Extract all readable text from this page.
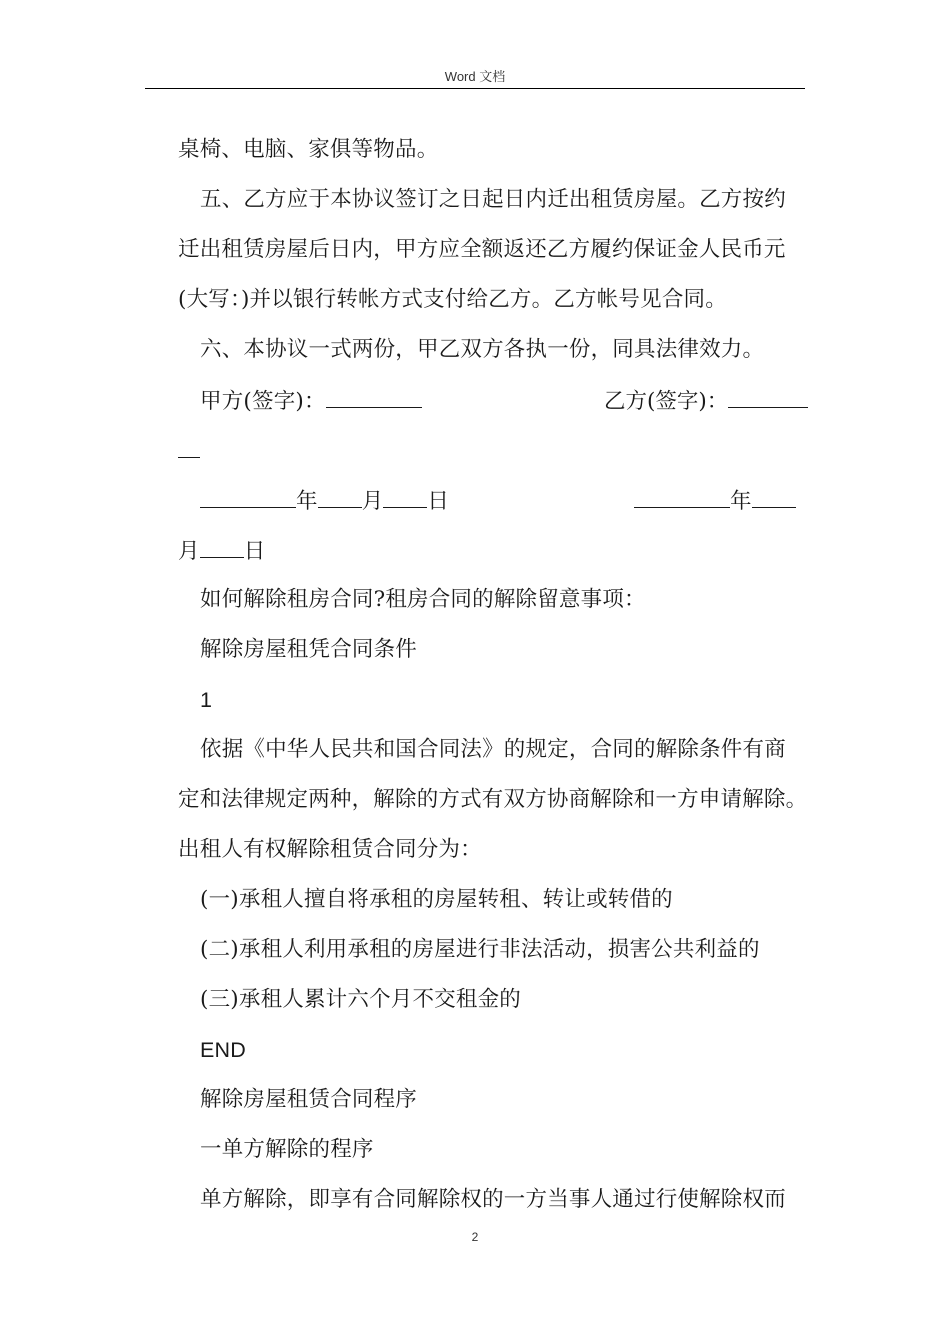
Word 文档
桌椅、电脑、家俱等物品。
五、乙方应于本协议签订之日起日内迁出租赁房屋。乙方按约
迁出租赁房屋后日内，甲方应全额返还乙方履约保证金人民币元
(大写：)并以银行转帐方式支付给乙方。乙方帐号见合同。
六、本协议一式两份，甲乙双方各执一份，同具法律效力。
甲方(签字)：	乙方(签字)：
年 月 日	年
月 日
如何解除租房合同?租房合同的解除留意事项：
解除房屋租凭合同条件
1
依据《中华人民共和国合同法》的规定，合同的解除条件有商
定和法律规定两种，解除的方式有双方协商解除和一方申请解除。
出租人有权解除租赁合同分为：
(一)承租人擅自将承租的房屋转租、转让或转借的
(二)承租人利用承租的房屋进行非法活动，损害公共利益的
(三)承租人累计六个月不交租金的
END
解除房屋租赁合同程序
一单方解除的程序
单方解除，即享有合同解除权的一方当事人通过行使解除权而
2
